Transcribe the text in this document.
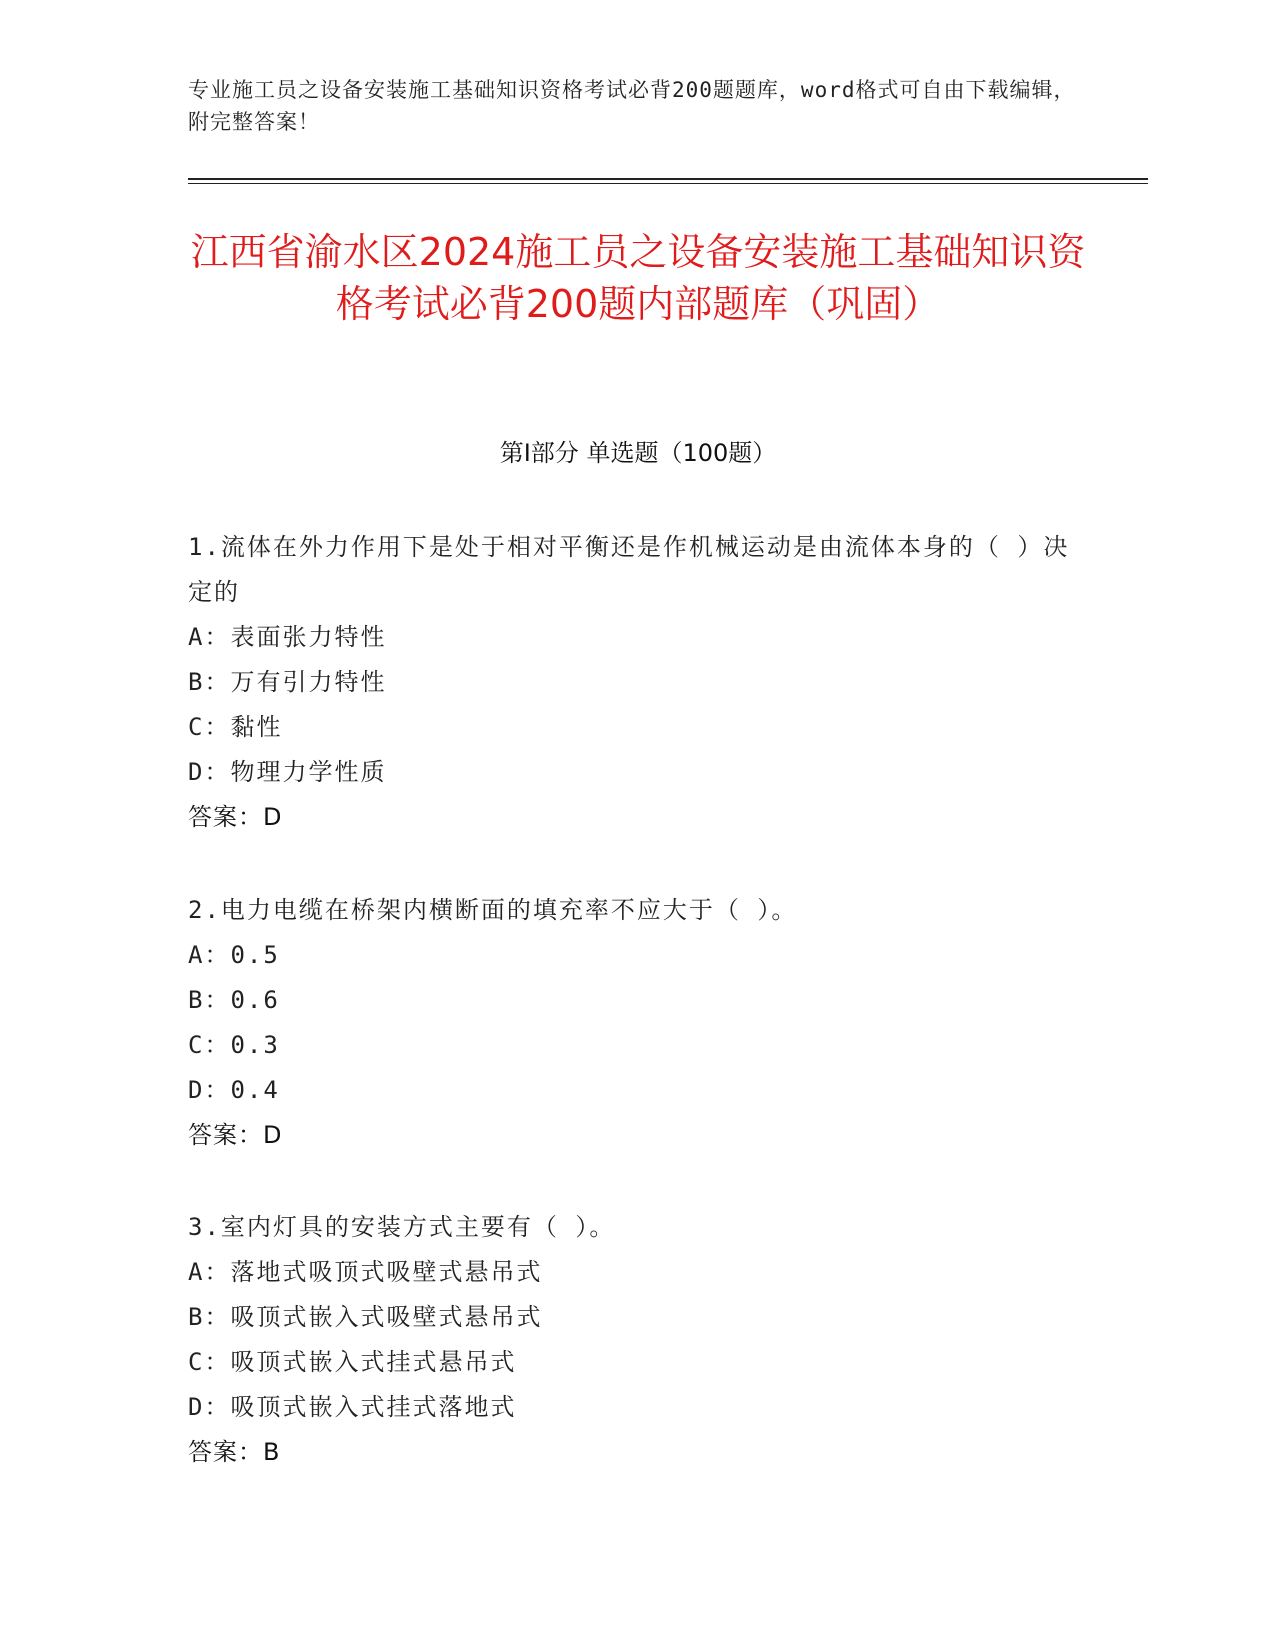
专业施工员之设备安装施工基础知识资格考试必背200题题库，word格式可自由下载编辑，附完整答案！
江西省渝水区2024施工员之设备安装施工基础知识资格考试必背200题内部题库（巩固）
第Ⅰ部分 单选题（100题）
1.流体在外力作用下是处于相对平衡还是作机械运动是由流体本身的（ ）决定的
A：表面张力特性
B：万有引力特性
C：黏性
D：物理力学性质
答案：D
2.电力电缆在桥架内横断面的填充率不应大于（ ）。
A：0.5
B：0.6
C：0.3
D：0.4
答案：D
3.室内灯具的安装方式主要有（ ）。
A：落地式吸顶式吸壁式悬吊式
B：吸顶式嵌入式吸壁式悬吊式
C：吸顶式嵌入式挂式悬吊式
D：吸顶式嵌入式挂式落地式
答案：B
